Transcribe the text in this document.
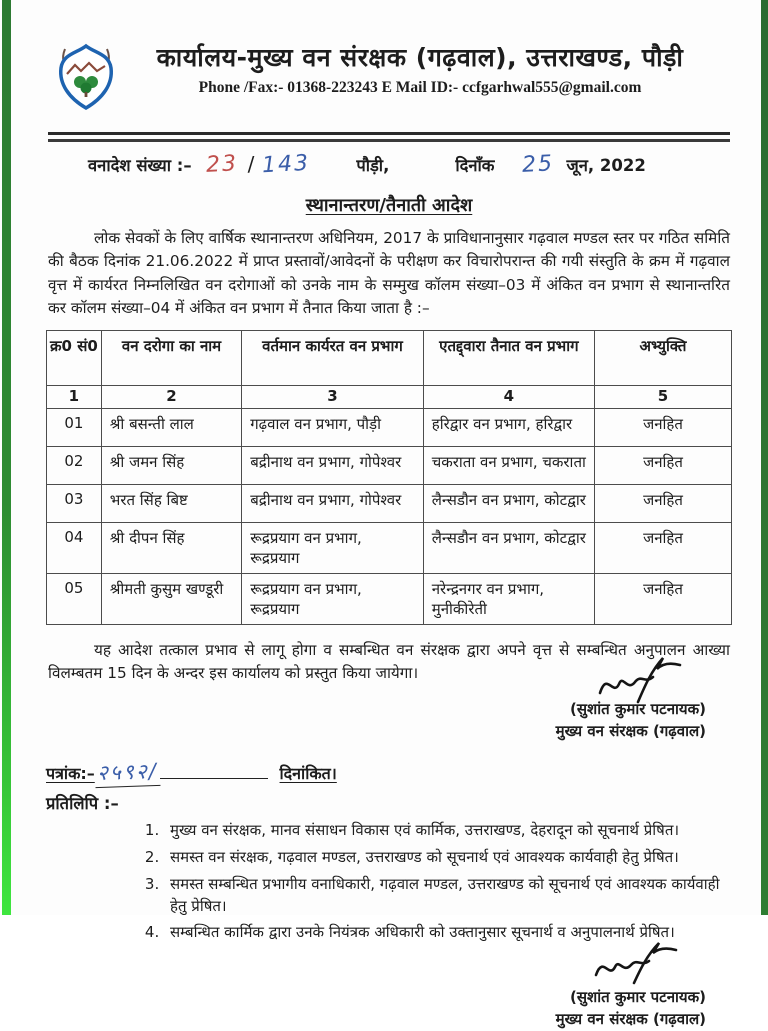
कार्यालय-मुख्य वन संरक्षक (गढ़वाल), उत्तराखण्ड, पौड़ी
Phone /Fax:- 01368-223243 E Mail ID:- ccfgarhwal555@gmail.com
वनादेश संख्या :– 23 / 143	पौड़ी,	दिनाँक 25 जून, 2022
स्थानान्तरण/तैनाती आदेश

लोक सेवकों के लिए वार्षिक स्थानान्तरण अधिनियम, 2017 के प्राविधानानुसार गढ़वाल मण्डल स्तर पर गठित समिति की बैठक दिनांक 21.06.2022 में प्राप्त प्रस्तावों/आवेदनों के परीक्षण कर विचारोपरान्त की गयी संस्तुति के क्रम में गढ़वाल वृत्त में कार्यरत निम्नलिखित वन दरोगाओं को उनके नाम के सम्मुख कॉलम संख्या–03 में अंकित वन प्रभाग से स्थानान्तरित कर कॉलम संख्या–04 में अंकित वन प्रभाग में तैनात किया जाता है :–

क्र0 सं0	वन दरोगा का नाम	वर्तमान कार्यरत वन प्रभाग	एतद्द्वारा तैनात वन प्रभाग	अभ्युक्ति
1	2	3	4	5
01	श्री बसन्ती लाल	गढ़वाल वन प्रभाग, पौड़ी	हरिद्वार वन प्रभाग, हरिद्वार	जनहित
02	श्री जमन सिंह	बद्रीनाथ वन प्रभाग, गोपेश्वर	चकराता वन प्रभाग, चकराता	जनहित
03	भरत सिंह बिष्ट	बद्रीनाथ वन प्रभाग, गोपेश्वर	लैन्सडौन वन प्रभाग, कोटद्वार	जनहित
04	श्री दीपन सिंह	रूद्रप्रयाग वन प्रभाग, रूद्रप्रयाग	लैन्सडौन वन प्रभाग, कोटद्वार	जनहित
05	श्रीमती कुसुम खण्डूरी	रूद्रप्रयाग वन प्रभाग, रूद्रप्रयाग	नरेन्द्रनगर वन प्रभाग, मुनीकीरेती	जनहित

यह आदेश तत्काल प्रभाव से लागू होगा व सम्बन्धित वन संरक्षक द्वारा अपने वृत्त से सम्बन्धित अनुपालन आख्या विलम्बतम 15 दिन के अन्दर इस कार्यालय को प्रस्तुत किया जायेगा।

(सुशांत कुमार पटनायक)
मुख्य वन संरक्षक (गढ़वाल)
पत्रांक:– २५९२/	दिनांकित।
प्रतिलिपि :–
1. मुख्य वन संरक्षक, मानव संसाधन विकास एवं कार्मिक, उत्तराखण्ड, देहरादून को सूचनार्थ प्रेषित।
2. समस्त वन संरक्षक, गढ़वाल मण्डल, उत्तराखण्ड को सूचनार्थ एवं आवश्यक कार्यवाही हेतु प्रेषित।
3. समस्त सम्बन्धित प्रभागीय वनाधिकारी, गढ़वाल मण्डल, उत्तराखण्ड को सूचनार्थ एवं आवश्यक कार्यवाही हेतु प्रेषित।
4. सम्बन्धित कार्मिक द्वारा उनके नियंत्रक अधिकारी को उक्तानुसार सूचनार्थ व अनुपालनार्थ प्रेषित।
(सुशांत कुमार पटनायक)
मुख्य वन संरक्षक (गढ़वाल)
